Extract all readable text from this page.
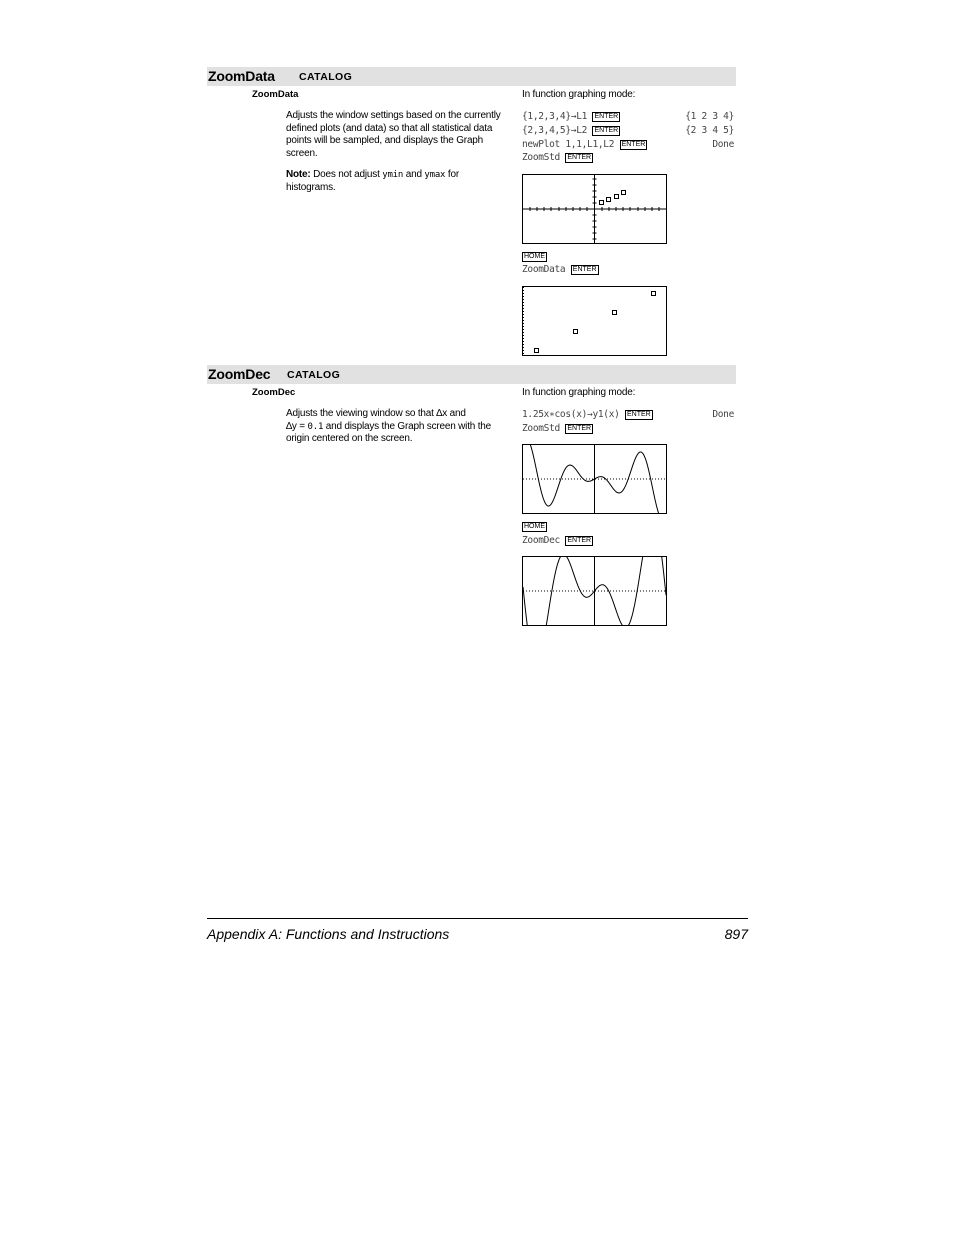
ZoomData CATALOG
ZoomData

Adjusts the window settings based on the currently defined plots (and data) so that all statistical data points will be sampled, and displays the Graph screen.

Note: Does not adjust ymin and ymax for histograms.

In function graphing mode:
{1,2,3,4}→L1 ENTER	{1 2 3 4}
{2,3,4,5}→L2 ENTER	{2 3 4 5}
newPlot 1,1,L1,L2 ENTER	Done
ZoomStd ENTER
HOME
ZoomData ENTER
ZoomDec CATALOG
ZoomDec

Adjusts the viewing window so that ∆x and

∆y = 0.1 and displays the Graph screen with the

origin centered on the screen.

In function graphing mode:
1.25x∗cos(x)→y1(x) ENTER	Done
ZoomStd ENTER
HOME
ZoomDec ENTER
Appendix A: Functions and Instructions	897
